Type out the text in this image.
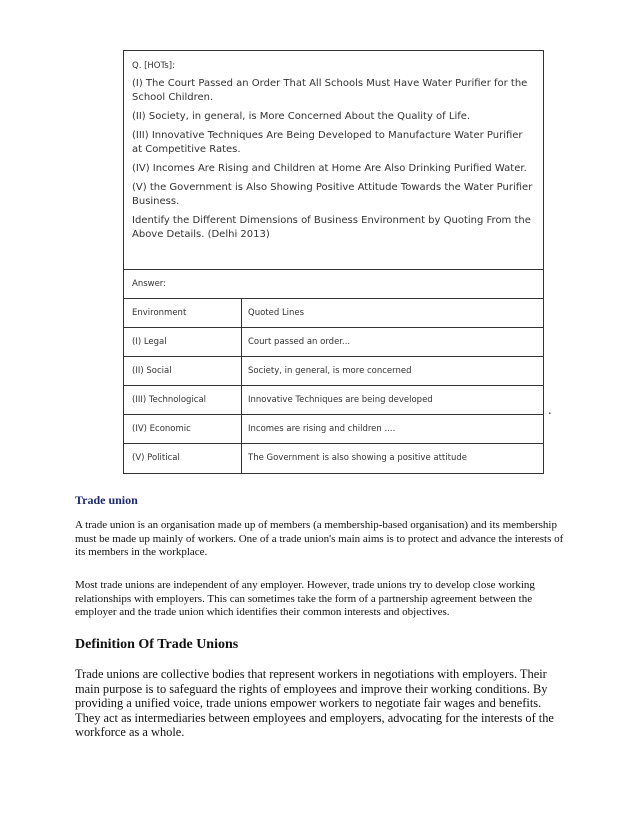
Q. [HOTs]:
(I) The Court Passed an Order That All Schools Must Have Water Purifier for the School Children.
(II) Society, in general, is More Concerned About the Quality of Life.
(III) Innovative Techniques Are Being Developed to Manufacture Water Purifier at Competitive Rates.
(IV) Incomes Are Rising and Children at Home Are Also Drinking Purified Water.
(V) the Government is Also Showing Positive Attitude Towards the Water Purifier Business.
Identify the Different Dimensions of Business Environment by Quoting From the Above Details. (Delhi 2013)
Answer:
Environment	Quoted Lines
(I) Legal	Court passed an order...
(II) Social	Society, in general, is more concerned
(III) Technological	Innovative Techniques are being developed
(IV) Economic	Incomes are rising and children ....
(V) Political	The Government is also showing a positive attitude
.
Trade union
A trade union is an organisation made up of members (a membership-based organisation) and its membership must be made up mainly of workers. One of a trade union's main aims is to protect and advance the interests of its members in the workplace.
Most trade unions are independent of any employer. However, trade unions try to develop close working relationships with employers. This can sometimes take the form of a partnership agreement between the employer and the trade union which identifies their common interests and objectives.
Definition Of Trade Unions
Trade unions are collective bodies that represent workers in negotiations with employers. Their main purpose is to safeguard the rights of employees and improve their working conditions. By providing a unified voice, trade unions empower workers to negotiate fair wages and benefits. They act as intermediaries between employees and employers, advocating for the interests of the workforce as a whole.
